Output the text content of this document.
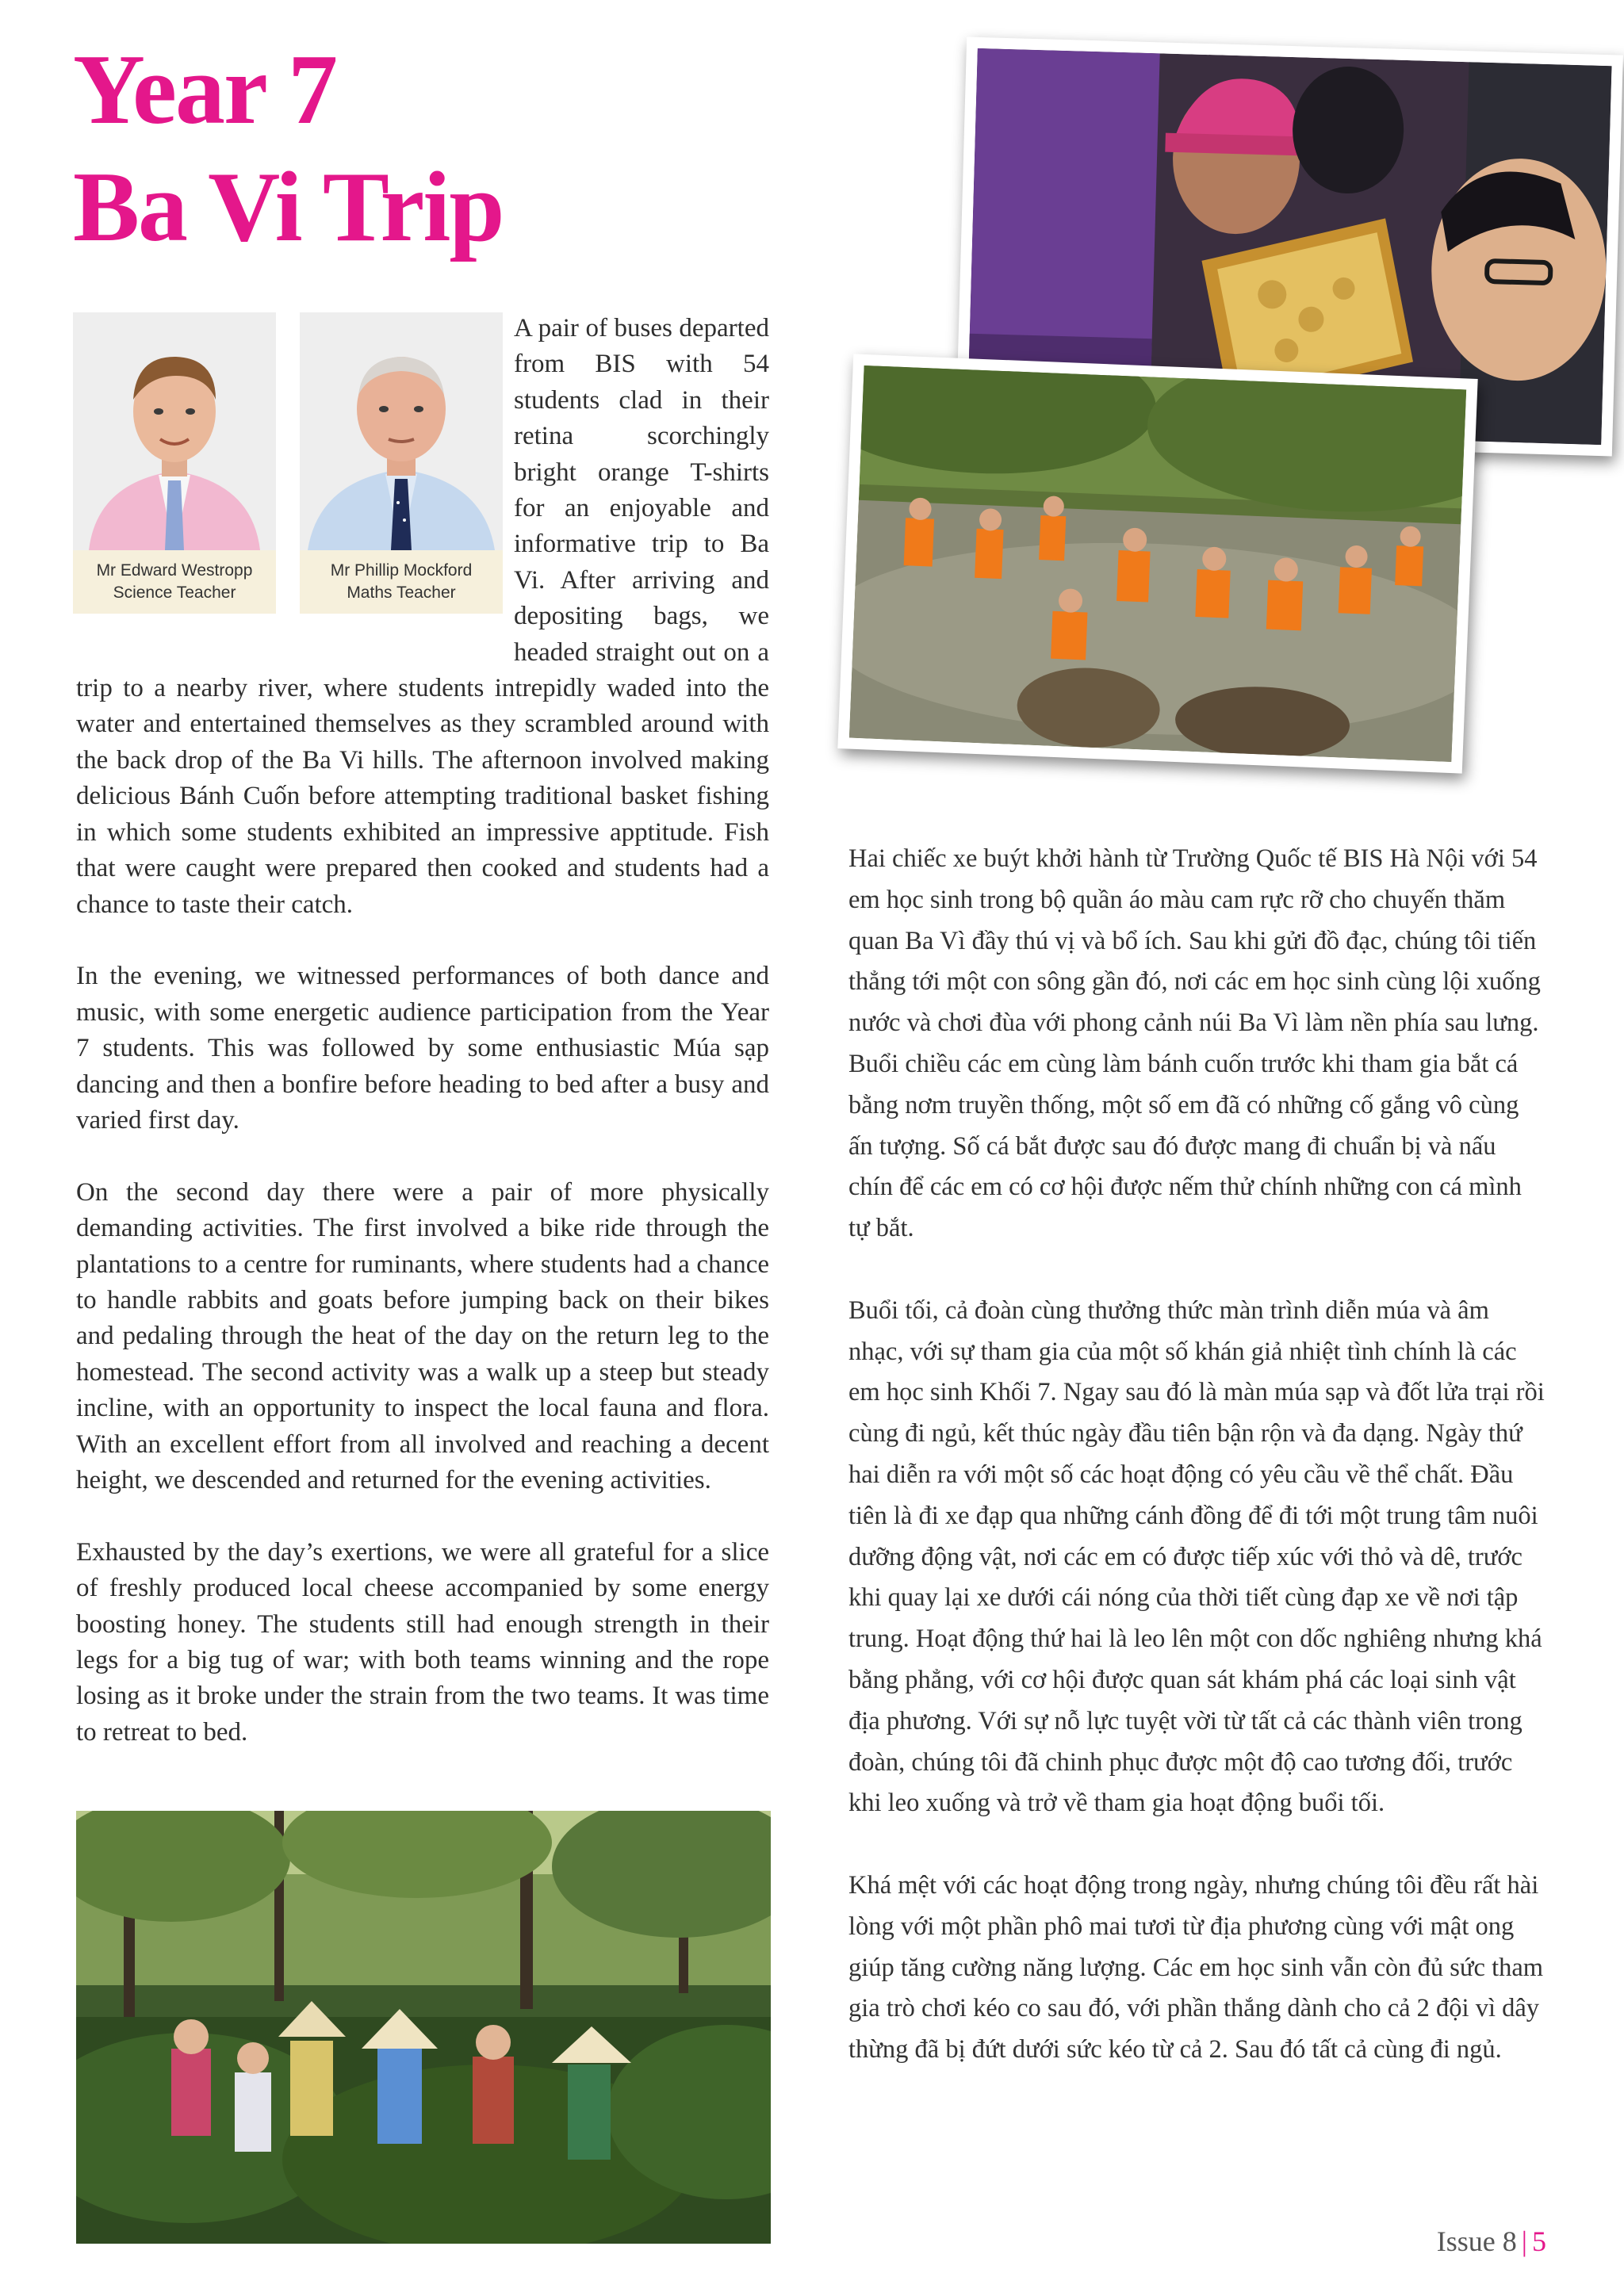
Year 7
Ba Vi Trip
Mr Edward Westropp
Science Teacher
Mr Phillip Mockford
Maths Teacher

A pair of buses departed from BIS with 54 students clad in their retina scorchingly bright orange T-shirts for an enjoyable and informative trip to Ba Vi. After arriving and depositing bags, we headed straight out on a trip to a nearby river, where students intrepidly waded into the water and entertained themselves as they scrambled around with the back drop of the Ba Vi hills. The afternoon involved making delicious Bánh Cuốn before attempting traditional basket fishing in which some students exhibited an impressive apptitude. Fish that were caught were prepared then cooked and students had a chance to taste their catch.

In the evening, we witnessed performances of both dance and music, with some energetic audience participation from the Year 7 students. This was followed by some enthusiastic Múa sạp dancing and then a bonfire before heading to bed after a busy and varied first day.

On the second day there were a pair of more physically demanding activities. The first involved a bike ride through the plantations to a centre for ruminants, where students had a chance to handle rabbits and goats before jumping back on their bikes and pedaling through the heat of the day on the return leg to the homestead. The second activity was a walk up a steep but steady incline, with an opportunity to inspect the local fauna and flora. With an excellent effort from all involved and reaching a decent height, we descended and returned for the evening activities.

Exhausted by the day’s exertions, we were all grateful for a slice of freshly produced local cheese accompanied by some energy boosting honey. The students still had enough strength in their legs for a big tug of war; with both teams winning and the rope losing as it broke under the strain from the two teams. It was time to retreat to bed.

Hai chiếc xe buýt khởi hành từ Trường Quốc tế BIS Hà Nội với 54 em học sinh trong bộ quần áo màu cam rực rỡ cho chuyến thăm quan Ba Vì đầy thú vị và bổ ích. Sau khi gửi đồ đạc, chúng tôi tiến thẳng tới một con sông gần đó, nơi các em học sinh cùng lội xuống nước và chơi đùa với phong cảnh núi Ba Vì làm nền phía sau lưng. Buổi chiều các em cùng làm bánh cuốn trước khi tham gia bắt cá bằng nơm truyền thống, một số em đã có những cố gắng vô cùng ấn tượng. Số cá bắt được sau đó được mang đi chuẩn bị và nấu chín để các em có cơ hội được nếm thử chính những con cá mình tự bắt.

Buổi tối, cả đoàn cùng thưởng thức màn trình diễn múa và âm nhạc, với sự tham gia của một số khán giả nhiệt tình chính là các em học sinh Khối 7. Ngay sau đó là màn múa sạp và đốt lửa trại rồi cùng đi ngủ, kết thúc ngày đầu tiên bận rộn và đa dạng. Ngày thứ hai diễn ra với một số các hoạt động có yêu cầu về thể chất. Đầu tiên là đi xe đạp qua những cánh đồng để đi tới một trung tâm nuôi dưỡng động vật, nơi các em có được tiếp xúc với thỏ và dê, trước khi quay lại xe dưới cái nóng của thời tiết cùng đạp xe về nơi tập trung. Hoạt động thứ hai là leo lên một con dốc nghiêng nhưng khá bằng phẳng, với cơ hội được quan sát khám phá các loại sinh vật địa phương. Với sự nỗ lực tuyệt vời từ tất cả các thành viên trong đoàn, chúng tôi đã chinh phục được một độ cao tương đối, trước khi leo xuống và trở về tham gia hoạt động buổi tối.

Khá mệt với các hoạt động trong ngày, nhưng chúng tôi đều rất hài lòng với một phần phô mai tươi từ địa phương cùng với mật ong giúp tăng cường năng lượng. Các em học sinh vẫn còn đủ sức tham gia trò chơi kéo co sau đó, với phần thắng dành cho cả 2 đội vì dây thừng đã bị đứt dưới sức kéo từ cả 2. Sau đó tất cả cùng đi ngủ.

Issue 8 | 5
